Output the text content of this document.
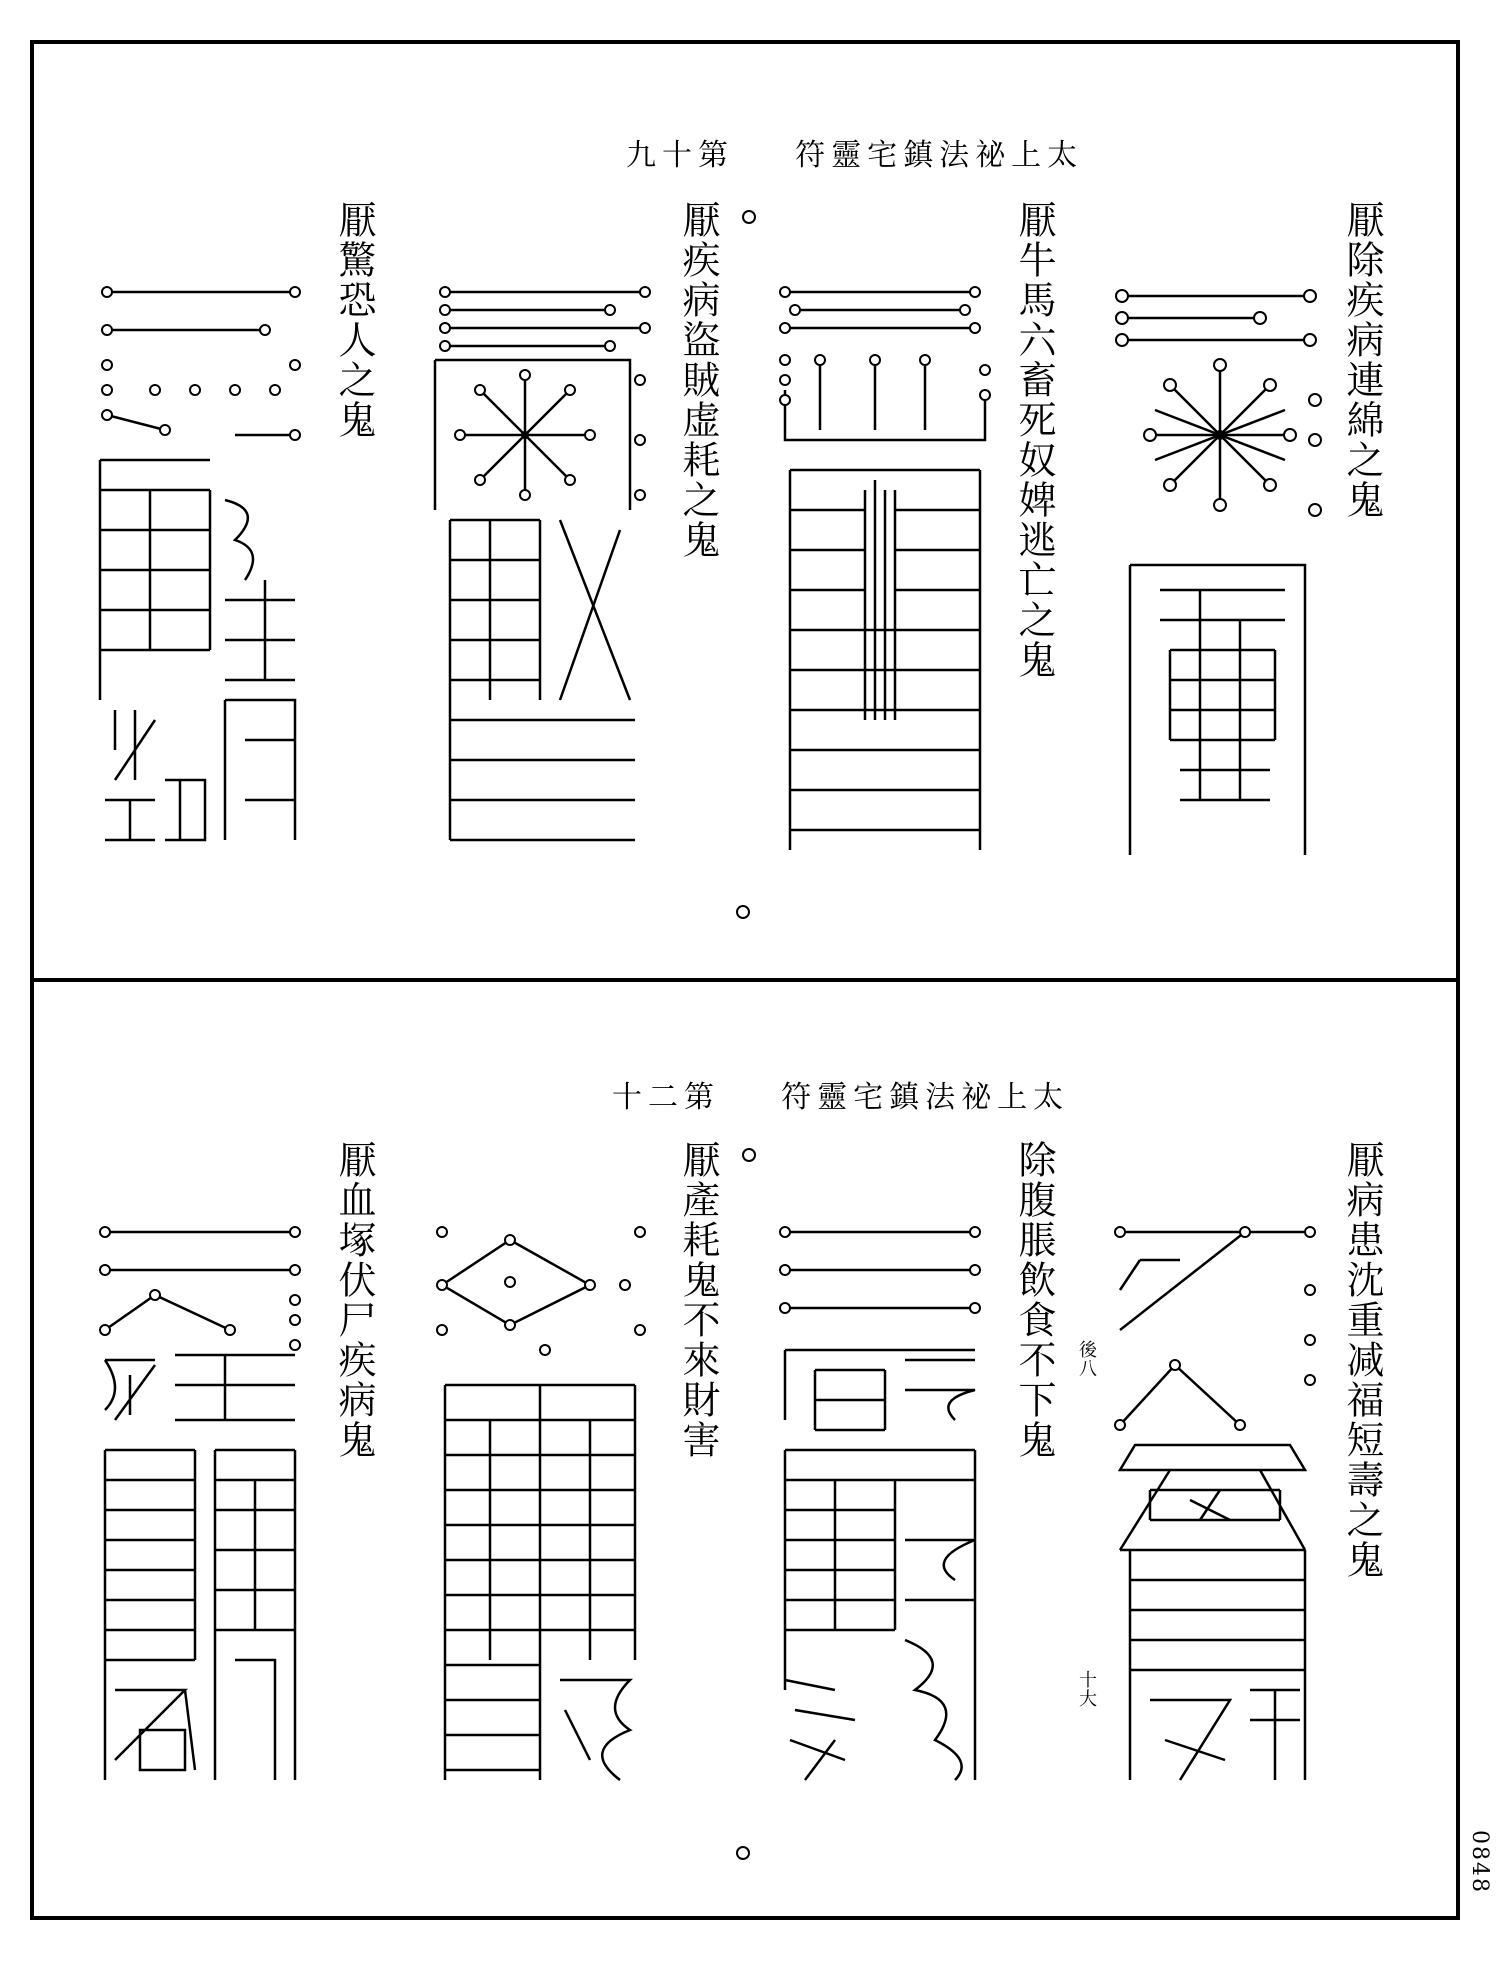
九十第 符靈宅鎮法祕上太
厭除疾病連綿之鬼
厭牛馬六畜死奴婢逃亡之鬼
厭疾病盜賊虚耗之鬼
厭驚恐人之鬼
十二第 符靈宅鎮法祕上太
厭病患沈重减福短壽之鬼
除腹脹飲食不下鬼
厭產耗鬼不來財害
厭血塚伏尸疾病鬼	後八
十大
0848
